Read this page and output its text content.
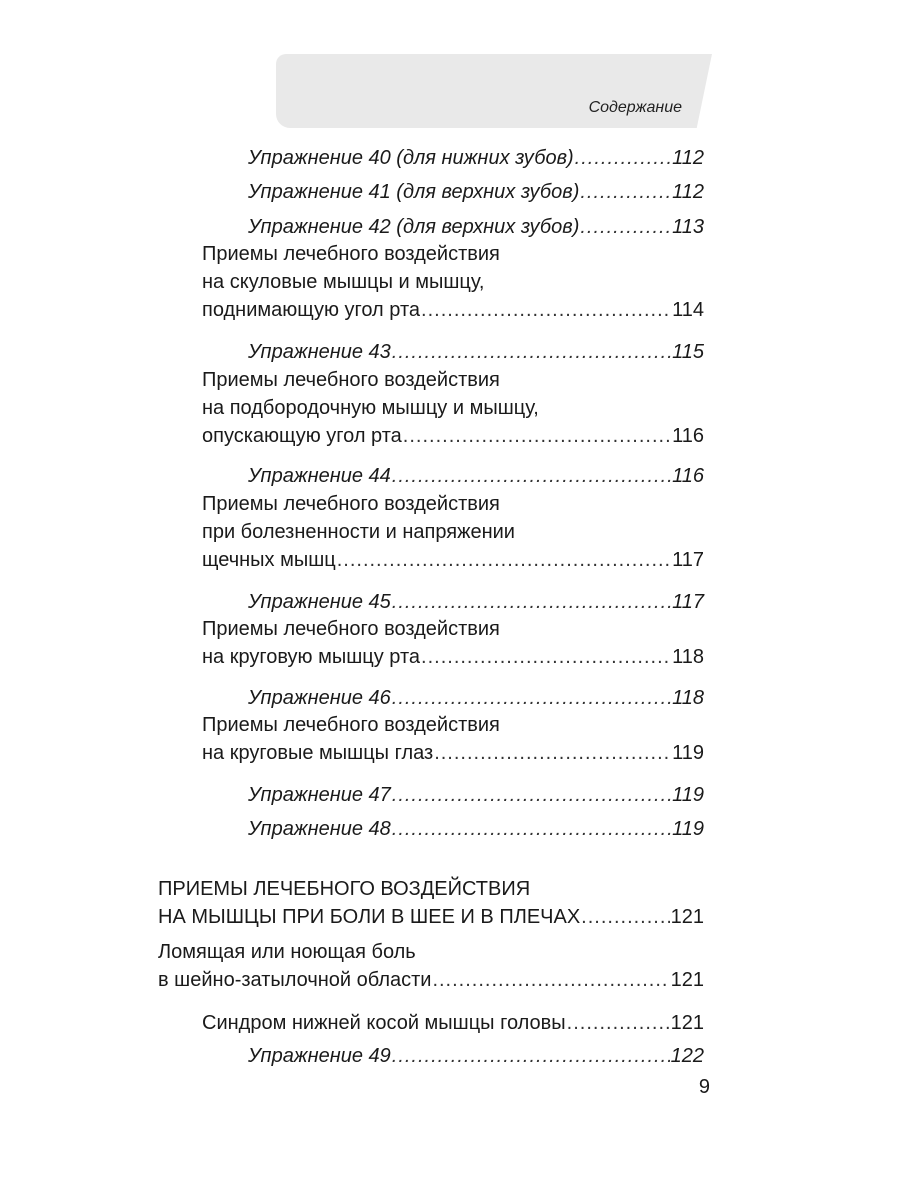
Содержание
Упражнение 40 (для нижних зубов) .....	112
Упражнение 41 (для верхних зубов) .....	112
Упражнение 42 (для верхних зубов) .....	113
Приемы лечебного воздействия
на скуловые мышцы и мышцу,
поднимающую угол рта .....	114
Упражнение 43 .....	115
Приемы лечебного воздействия
на подбородочную мышцу и мышцу,
опускающую угол рта .....	116
Упражнение 44 .....	116
Приемы лечебного воздействия
при болезненности и напряжении
щечных мышц .....	117
Упражнение 45 .....	117
Приемы лечебного воздействия
на круговую мышцу рта .....	118
Упражнение 46 .....	118
Приемы лечебного воздействия
на круговые мышцы глаз .....	119
Упражнение 47 .....	119
Упражнение 48 .....	119
ПРИЕМЫ ЛЕЧЕБНОГО ВОЗДЕЙСТВИЯ
НА МЫШЦЫ ПРИ БОЛИ В ШЕЕ И В ПЛЕЧАХ .....	121
Ломящая или ноющая боль
в шейно-затылочной области .....	121
Синдром нижней косой мышцы головы .....	121
Упражнение 49 .....	122
9
